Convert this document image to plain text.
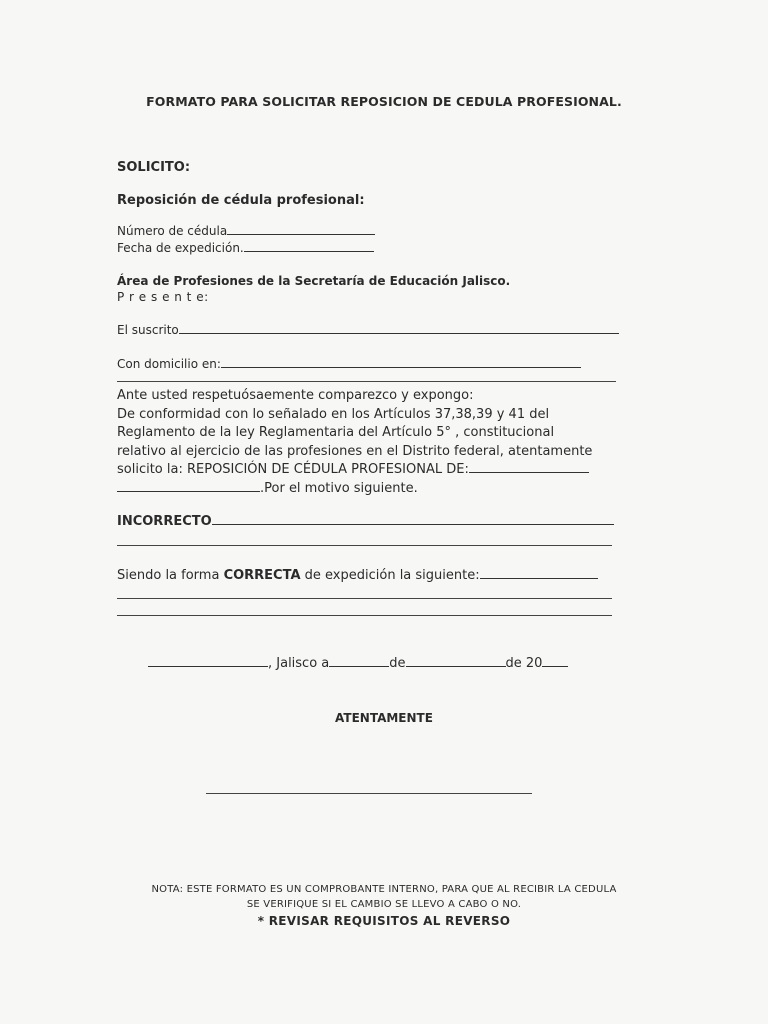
FORMATO PARA SOLICITAR REPOSICION DE CEDULA PROFESIONAL.
SOLICITO:
Reposición de cédula profesional:
Número de cédula
Fecha de expedición.
Área de Profesiones de la Secretaría de Educación Jalisco.
P r e s e n t e:
El suscrito
Con domicilio en:
Ante usted respetuósaemente comparezco y expongo:
De conformidad con lo señalado en los Artículos 37,38,39 y 41 del
Reglamento de la ley Reglamentaria del Artículo 5° , constitucional
relativo al ejercicio de las profesiones en el Distrito federal, atentamente
solicito la: REPOSICIÓN DE CÉDULA PROFESIONAL DE:
.Por el motivo siguiente.
INCORRECTO
Siendo la forma CORRECTA de expedición la siguiente:
, Jalisco a	de	de 20
ATENTAMENTE
NOTA: ESTE FORMATO ES UN COMPROBANTE INTERNO, PARA QUE AL RECIBIR LA CEDULA
SE VERIFIQUE SI EL CAMBIO SE LLEVO A CABO O NO.
* REVISAR REQUISITOS AL REVERSO
